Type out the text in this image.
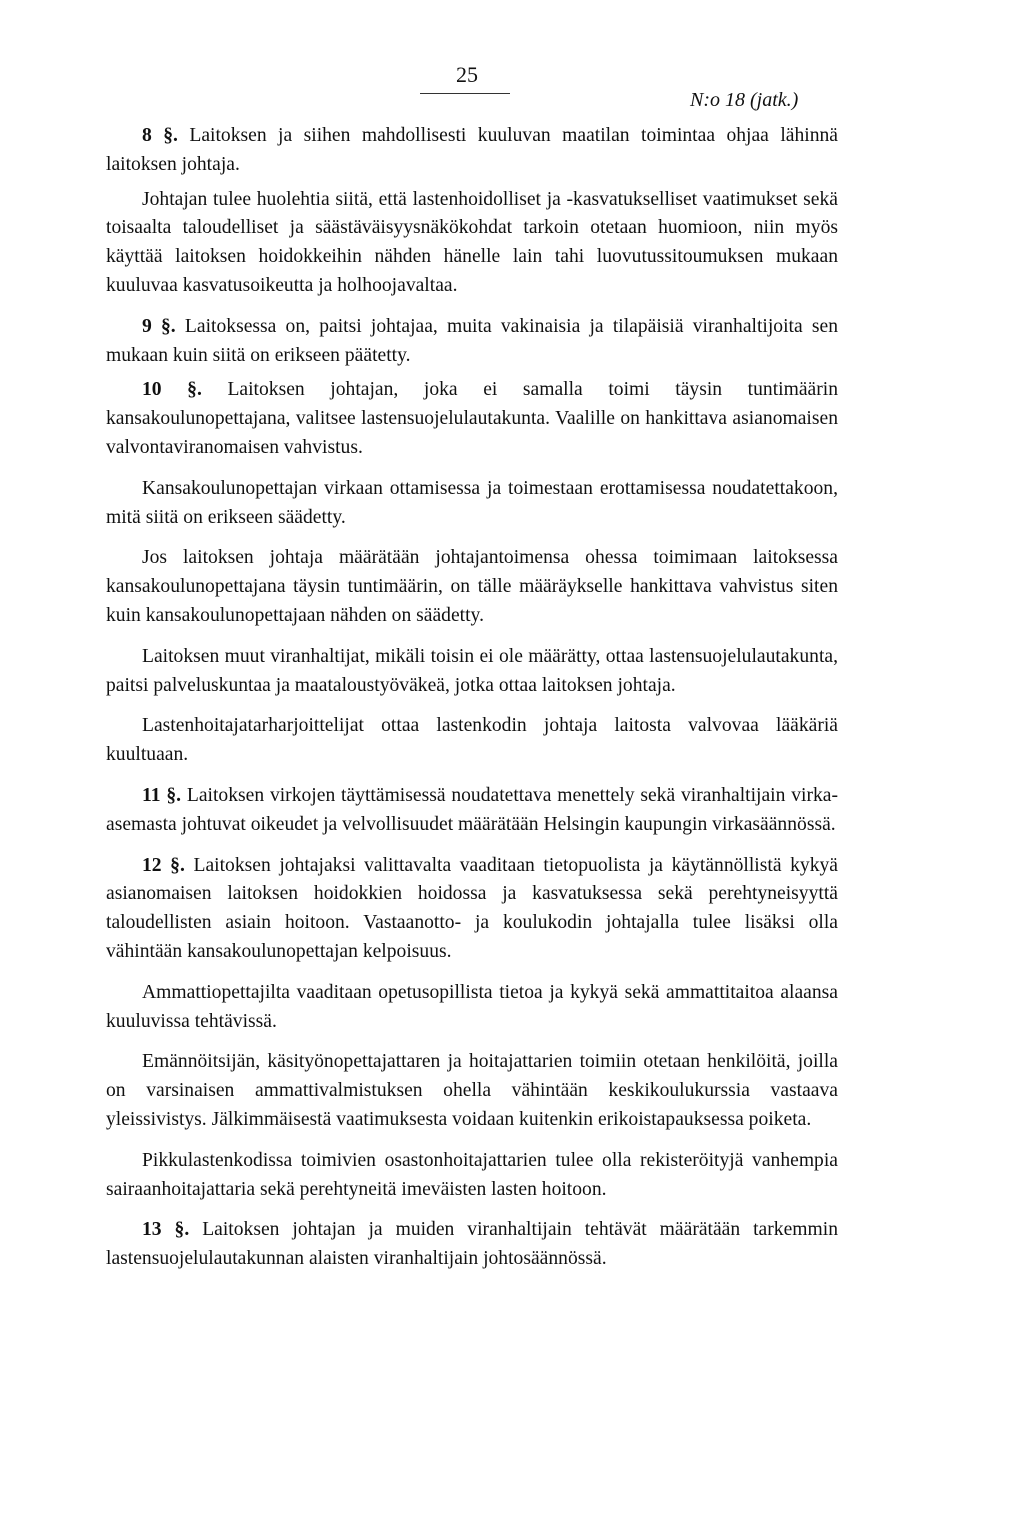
25
N:o 18 (jatk.)

8 §. Laitoksen ja siihen mahdollisesti kuuluvan maatilan toimintaa ohjaa lähinnä laitoksen johtaja.

Johtajan tulee huolehtia siitä, että lastenhoidolliset ja -kasvatukselliset vaatimukset sekä toisaalta taloudelliset ja säästäväisyysnäkökohdat tarkoin otetaan huomioon, niin myös käyttää laitoksen hoidokkeihin nähden hänelle lain tahi luovutussitoumuksen mukaan kuuluvaa kasvatusoikeutta ja holhoojavaltaa.

9 §. Laitoksessa on, paitsi johtajaa, muita vakinaisia ja tilapäisiä viranhaltijoita sen mukaan kuin siitä on erikseen päätetty.

10 §. Laitoksen johtajan, joka ei samalla toimi täysin tuntimäärin kansakoulunopettajana, valitsee lastensuojelulautakunta. Vaalille on hankittava asianomaisen valvontaviranomaisen vahvistus.

Kansakoulunopettajan virkaan ottamisessa ja toimestaan erottamisessa noudatettakoon, mitä siitä on erikseen säädetty.

Jos laitoksen johtaja määrätään johtajantoimensa ohessa toimimaan laitoksessa kansakoulunopettajana täysin tuntimäärin, on tälle määräykselle hankittava vahvistus siten kuin kansakoulunopettajaan nähden on säädetty.

Laitoksen muut viranhaltijat, mikäli toisin ei ole määrätty, ottaa lastensuojelulautakunta, paitsi palveluskuntaa ja maataloustyöväkeä, jotka ottaa laitoksen johtaja.

Lastenhoitajatarharjoittelijat ottaa lastenkodin johtaja laitosta valvovaa lääkäriä kuultuaan.

11 §. Laitoksen virkojen täyttämisessä noudatettava menettely sekä viranhaltijain virka-asemasta johtuvat oikeudet ja velvollisuudet määrätään Helsingin kaupungin virkasäännössä.

12 §. Laitoksen johtajaksi valittavalta vaaditaan tietopuolista ja käytännöllistä kykyä asianomaisen laitoksen hoidokkien hoidossa ja kasvatuksessa sekä perehtyneisyyttä taloudellisten asiain hoitoon. Vastaanotto- ja koulukodin johtajalla tulee lisäksi olla vähintään kansakoulunopettajan kelpoisuus.

Ammattiopettajilta vaaditaan opetusopillista tietoa ja kykyä sekä ammattitaitoa alaansa kuuluvissa tehtävissä.

Emännöitsijän, käsityönopettajattaren ja hoitajattarien toimiin otetaan henkilöitä, joilla on varsinaisen ammattivalmistuksen ohella vähintään keskikoulukurssia vastaava yleissivistys. Jälkimmäisestä vaatimuksesta voidaan kuitenkin erikoistapauksessa poiketa.

Pikkulastenkodissa toimivien osastonhoitajattarien tulee olla rekisteröityjä vanhempia sairaanhoitajattaria sekä perehtyneitä imeväisten lasten hoitoon.

13 §. Laitoksen johtajan ja muiden viranhaltijain tehtävät määrätään tarkemmin lastensuojelulautakunnan alaisten viranhaltijain johtosäännössä.
